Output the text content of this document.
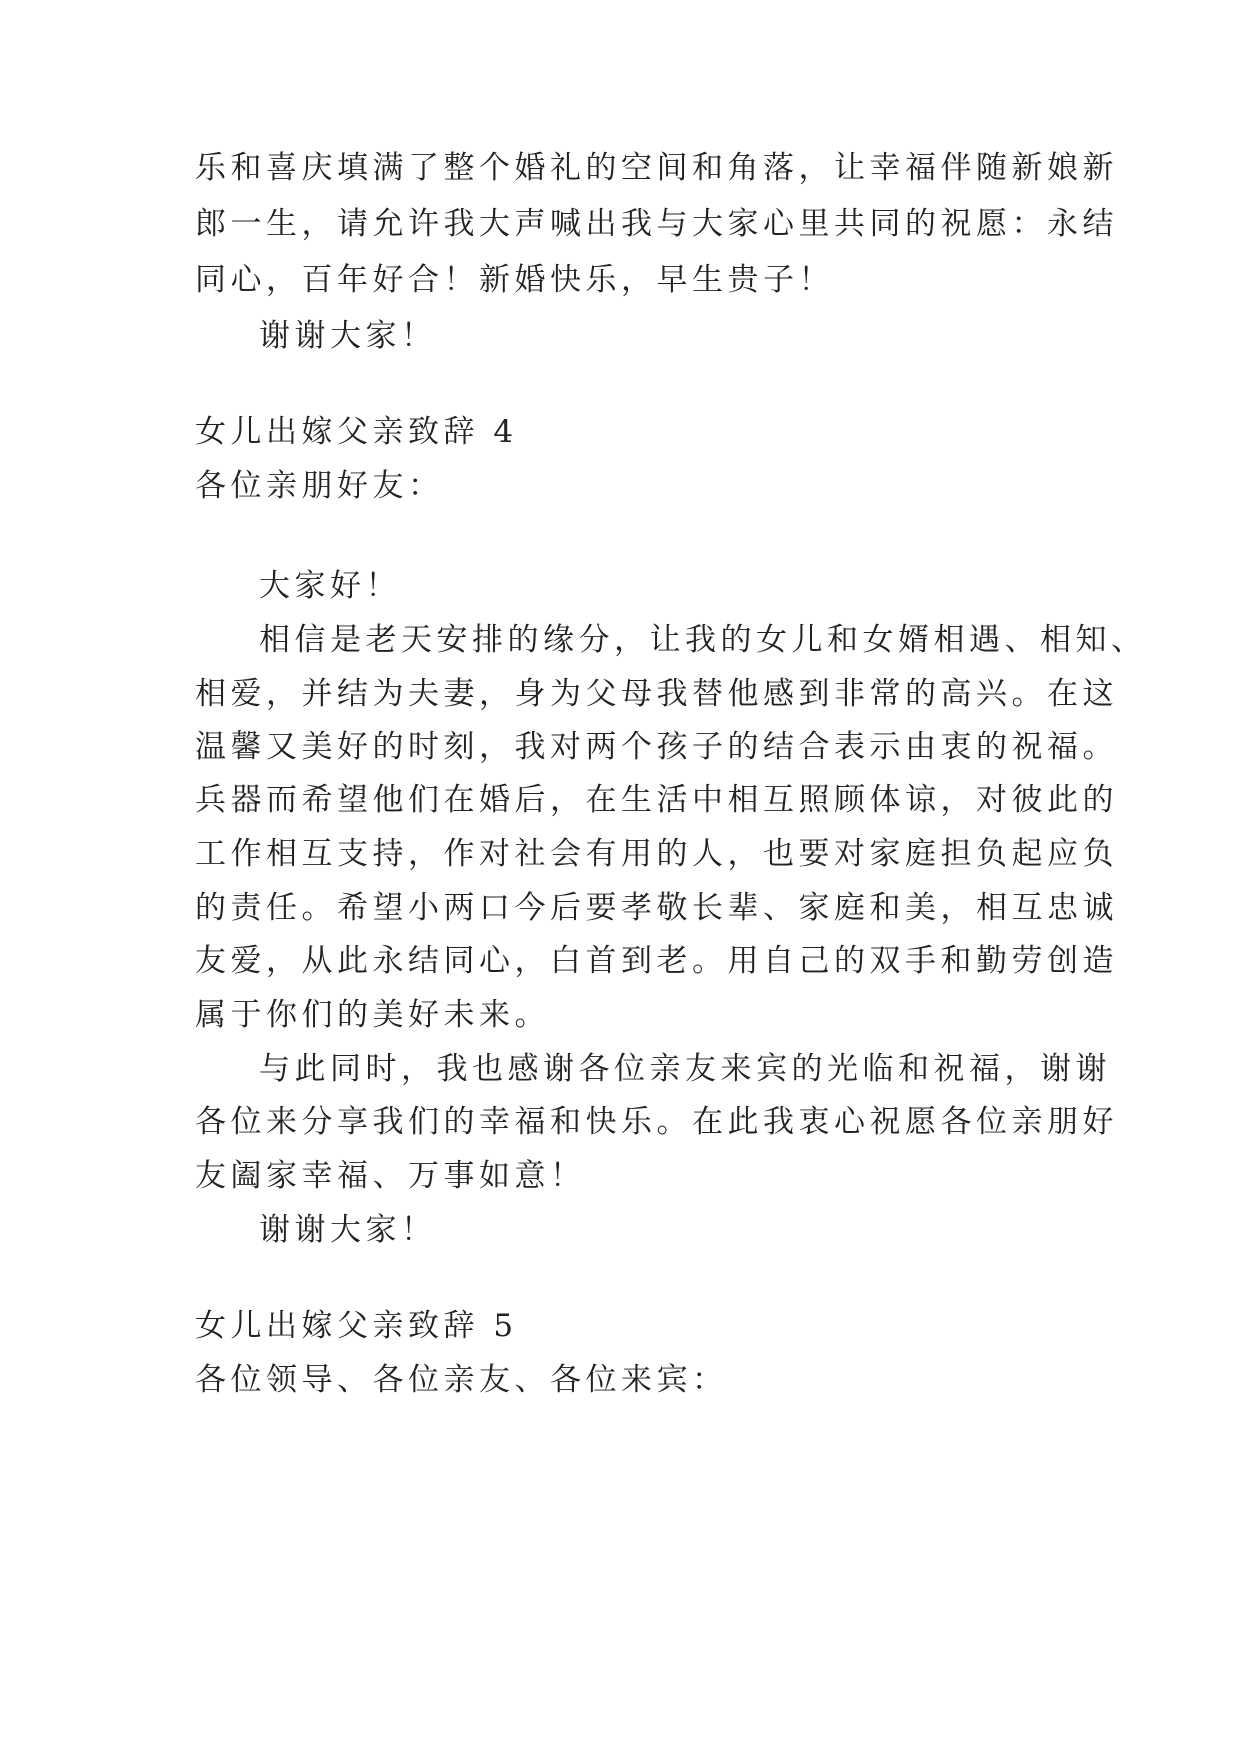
乐和喜庆填满了整个婚礼的空间和角落，让幸福伴随新娘新
郎一生，请允许我大声喊出我与大家心里共同的祝愿：永结
同心，百年好合！新婚快乐，早生贵子！
谢谢大家！
女儿出嫁父亲致辞 4
各位亲朋好友：
大家好！
相信是老天安排的缘分，让我的女儿和女婿相遇、相知、
相爱，并结为夫妻，身为父母我替他感到非常的高兴。在这
温馨又美好的时刻，我对两个孩子的结合表示由衷的祝福。
兵器而希望他们在婚后，在生活中相互照顾体谅，对彼此的
工作相互支持，作对社会有用的人，也要对家庭担负起应负
的责任。希望小两口今后要孝敬长辈、家庭和美，相互忠诚
友爱，从此永结同心，白首到老。用自己的双手和勤劳创造
属于你们的美好未来。
与此同时，我也感谢各位亲友来宾的光临和祝福，谢谢
各位来分享我们的幸福和快乐。在此我衷心祝愿各位亲朋好
友阖家幸福、万事如意！
谢谢大家！
女儿出嫁父亲致辞 5
各位领导、各位亲友、各位来宾：
